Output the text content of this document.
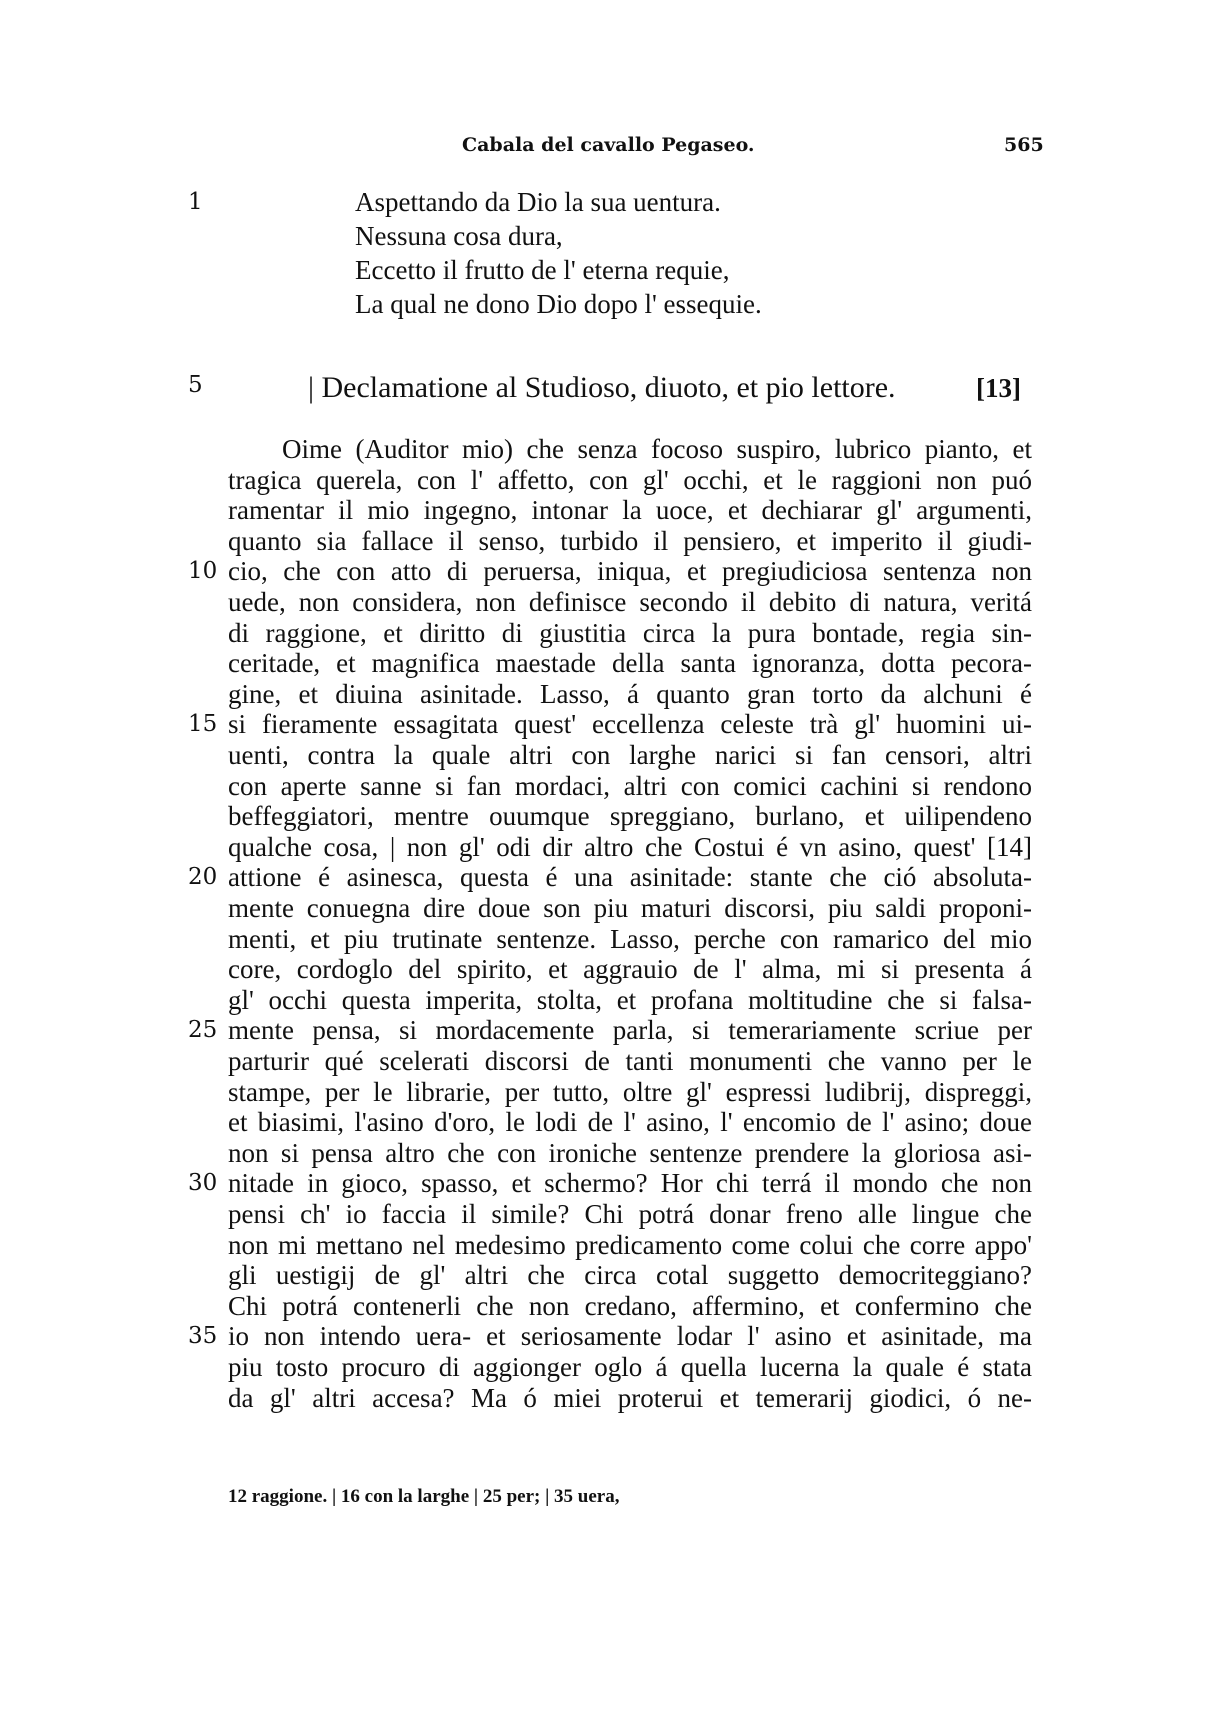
Cabala del cavallo Pegaseo.	565
1	Aspettando da Dio la sua uentura.
Nessuna cosa dura,
Eccetto il frutto de l' eterna requie,
La qual ne dono Dio dopo l' essequie.
5	| Declamatione al Studioso, diuoto, et pio lettore.	[13]
Oime (Auditor mio) che senza focoso suspiro, lubrico pianto, et
tragica querela, con l' affetto, con gl' occhi, et le raggioni non puó
ramentar il mio ingegno, intonar la uoce, et dechiarar gl' argumenti,
quanto sia fallace il senso, turbido il pensiero, et imperito il giudi-
10 cio, che con atto di peruersa, iniqua, et pregiudiciosa sentenza non
uede, non considera, non definisce secondo il debito di natura, veritá
di raggione, et diritto di giustitia circa la pura bontade, regia sin-
ceritade, et magnifica maestade della santa ignoranza, dotta pecora-
gine, et diuina asinitade. Lasso, á quanto gran torto da alchuni é
15 si fieramente essagitata quest' eccellenza celeste trà gl' huomini ui-
uenti, contra la quale altri con larghe narici si fan censori, altri
con aperte sanne si fan mordaci, altri con comici cachini si rendono
beffeggiatori, mentre ouumque spreggiano, burlano, et uilipendeno
qualche cosa, | non gl' odi dir altro che Costui é vn asino, quest' [14]
20 attione é asinesca, questa é una asinitade: stante che ció absoluta-
mente conuegna dire doue son piu maturi discorsi, piu saldi proponi-
menti, et piu trutinate sentenze. Lasso, perche con ramarico del mio
core, cordoglo del spirito, et aggrauio de l' alma, mi si presenta á
gl' occhi questa imperita, stolta, et profana moltitudine che si falsa-
25 mente pensa, si mordacemente parla, si temerariamente scriue per
parturir qué scelerati discorsi de tanti monumenti che vanno per le
stampe, per le librarie, per tutto, oltre gl' espressi ludibrij, dispreggi,
et biasimi, l'asino d'oro, le lodi de l' asino, l' encomio de l' asino; doue
non si pensa altro che con ironiche sentenze prendere la gloriosa asi-
30 nitade in gioco, spasso, et schermo? Hor chi terrá il mondo che non
pensi ch' io faccia il simile? Chi potrá donar freno alle lingue che
non mi mettano nel medesimo predicamento come colui che corre appo'
gli uestigij de gl' altri che circa cotal suggetto democriteggiano?
Chi potrá contenerli che non credano, affermino, et confermino che
35 io non intendo uera- et seriosamente lodar l' asino et asinitade, ma
piu tosto procuro di aggionger oglo á quella lucerna la quale é stata
da gl' altri accesa? Ma ó miei proterui et temerarij giodici, ó ne-
12 raggione. | 16 con la larghe | 25 per; | 35 uera,
